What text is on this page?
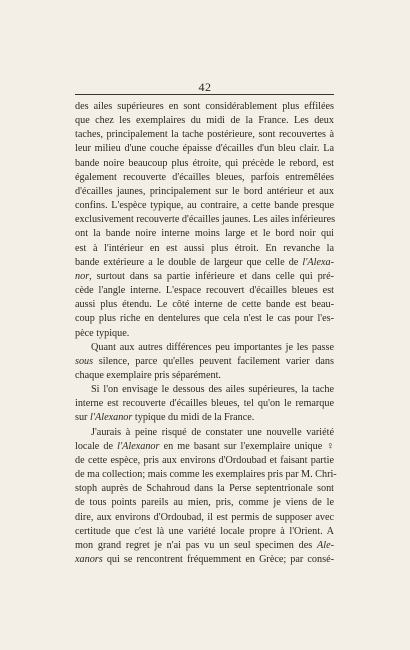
42
des ailes supérieures en sont considérablement plus effilées
que chez les exemplaires du midi de la France. Les deux
taches, principalement la tache postérieure, sont recouvertes à
leur milieu d'une couche épaisse d'écailles d'un bleu clair. La
bande noire beaucoup plus étroite, qui précède le rebord, est
également recouverte d'écailles bleues, parfois entremêlées
d'écailles jaunes, principalement sur le bord antérieur et aux
confins. L'espèce typique, au contraire, a cette bande presque
exclusivement recouverte d'écailles jaunes. Les ailes inférieures
ont la bande noire interne moins large et le bord noir qui
est à l'intérieur en est aussi plus étroit. En revanche la
bande extérieure a le double de largeur que celle de l'Alexa-
nor, surtout dans sa partie inférieure et dans celle qui pré-
cède l'angle interne. L'espace recouvert d'écailles bleues est
aussi plus étendu. Le côté interne de cette bande est beau-
coup plus riche en dentelures que cela n'est le cas pour l'es-
pèce typique.
Quant aux autres différences peu importantes je les passe
sous silence, parce qu'elles peuvent facilement varier dans
chaque exemplaire pris séparément.
Si l'on envisage le dessous des ailes supérieures, la tache
interne est recouverte d'écailles bleues, tel qu'on le remarque
sur l'Alexanor typique du midi de la France.
J'aurais à peine risqué de constater une nouvelle variété
locale de l'Alexanor en me basant sur l'exemplaire unique ♀
de cette espèce, pris aux environs d'Ordoubad et faisant partie
de ma collection; mais comme les exemplaires pris par M. Chri-
stoph auprès de Schahroud dans la Perse septentrionale sont
de tous points pareils au mien, pris, comme je viens de le
dire, aux environs d'Ordoubad, il est permis de supposer avec
certitude que c'est là une variété locale propre à l'Orient. A
mon grand regret je n'ai pas vu un seul specimen des Ale-
xanors qui se rencontrent fréquemment en Grèce; par consé-
